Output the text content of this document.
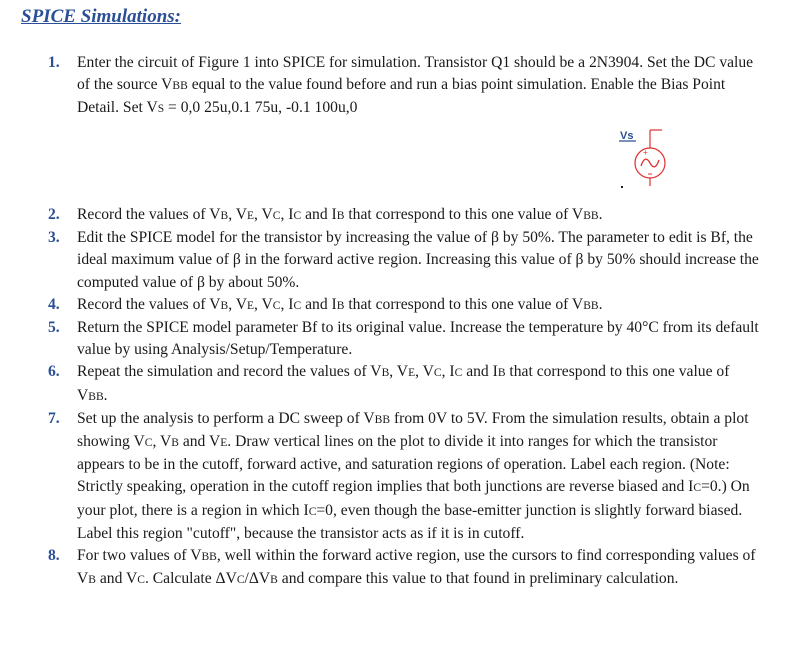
SPICE Simulations:
1. Enter the circuit of Figure 1 into SPICE for simulation. Transistor Q1 should be a 2N3904. Set the DC value of the source VBB equal to the value found before and run a bias point simulation. Enable the Bias Point Detail. Set VS = 0,0 25u,0.1 75u, -0.1 100u,0
2. Record the values of VB, VE, VC, IC and IB that correspond to this one value of VBB.
3. Edit the SPICE model for the transistor by increasing the value of β by 50%. The parameter to edit is Bf, the ideal maximum value of β in the forward active region. Increasing this value of β by 50% should increase the computed value of β by about 50%.
4. Record the values of VB, VE, VC, IC and IB that correspond to this one value of VBB.
5. Return the SPICE model parameter Bf to its original value. Increase the temperature by 40°C from its default value by using Analysis/Setup/Temperature.
6. Repeat the simulation and record the values of VB, VE, VC, IC and IB that correspond to this one value of VBB.
7. Set up the analysis to perform a DC sweep of VBB from 0V to 5V. From the simulation results, obtain a plot showing VC, VB and VE. Draw vertical lines on the plot to divide it into ranges for which the transistor appears to be in the cutoff, forward active, and saturation regions of operation. Label each region. (Note: Strictly speaking, operation in the cutoff region implies that both junctions are reverse biased and IC=0.) On your plot, there is a region in which IC=0, even though the base-emitter junction is slightly forward biased. Label this region "cutoff", because the transistor acts as if it is in cutoff.
8. For two values of VBB, well within the forward active region, use the cursors to find corresponding values of VB and VC. Calculate ΔVC/ΔVB and compare this value to that found in preliminary calculation.
Vs
+
